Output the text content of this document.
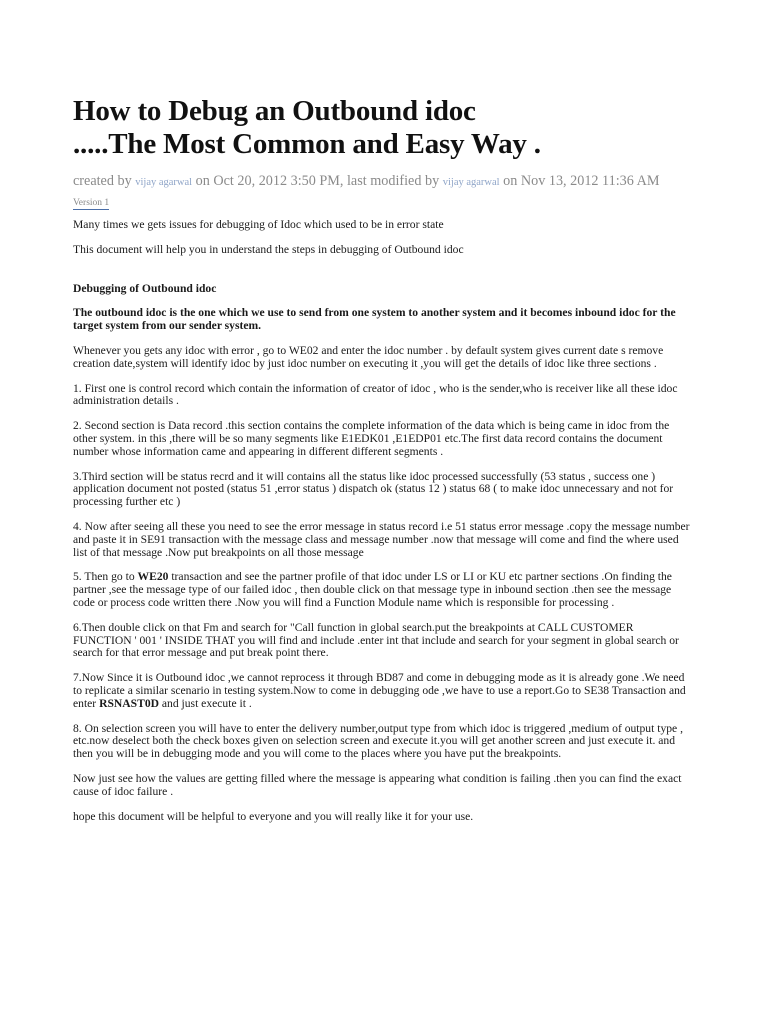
How to Debug an Outbound idoc
.....The Most Common and Easy Way .
created by vijay agarwal on Oct 20, 2012 3:50 PM, last modified by vijay agarwal on Nov 13, 2012 11:36 AM
Version 1

Many times we gets issues for debugging of Idoc which used to be in error state

This document will help you in understand the steps in debugging of Outbound idoc

Debugging of Outbound idoc

The outbound idoc is the one which we use to send from one system to another system and it becomes inbound idoc for the target system from our sender system.

Whenever you gets any idoc with error , go to WE02 and enter the idoc number . by default system gives current date s remove creation date,system will identify idoc by just idoc number on executing it ,you will get the details of idoc like three sections .

1. First one is control record which contain the information of creator of idoc , who is the sender,who is receiver like all these idoc administration details .

2. Second section is Data record .this section contains the complete information of the data which is being came in idoc from the other system. in this ,there will be so many segments like E1EDK01 ,E1EDP01 etc.The first data record contains the document number whose information came and appearing in different different segments .

3.Third section will be status recrd and it will contains all the status like idoc processed successfully (53 status , success one ) application document not posted (status 51 ,error status ) dispatch ok (status 12 ) status 68 ( to make idoc unnecessary and not for processing further etc )

4. Now after seeing all these you need to see the error message in status record i.e 51 status error message .copy the message number and paste it in SE91 transaction with the message class and message number .now that message will come and find the where used list of that message .Now put breakpoints on all those message

5. Then go to WE20 transaction and see the partner profile of that idoc under LS or LI or KU etc partner sections .On finding the partner ,see the message type of our failed idoc , then double click on that message type in inbound section .then see the message code or process code written there .Now you will find a Function Module name which is responsible for processing .

6.Then double click on that Fm and search for "Call function in global search.put the breakpoints at CALL CUSTOMER FUNCTION ' 001 ' INSIDE THAT you will find and include .enter int that include and search for your segment in global search or search for that error message and put break point there.

7.Now Since it is Outbound idoc ,we cannot reprocess it through BD87 and come in debugging mode as it is already gone .We need to replicate a similar scenario in testing system.Now to come in debugging ode ,we have to use a report.Go to SE38 Transaction and enter RSNAST0D and just execute it .

8. On selection screen you will have to enter the delivery number,output type from which idoc is triggered ,medium of output type , etc.now deselect both the check boxes given on selection screen and execute it.you will get another screen and just execute it. and then you will be in debugging mode and you will come to the places where you have put the breakpoints.

Now just see how the values are getting filled where the message is appearing what condition is failing .then you can find the exact cause of idoc failure .

hope this document will be helpful to everyone and you will really like it for your use.
